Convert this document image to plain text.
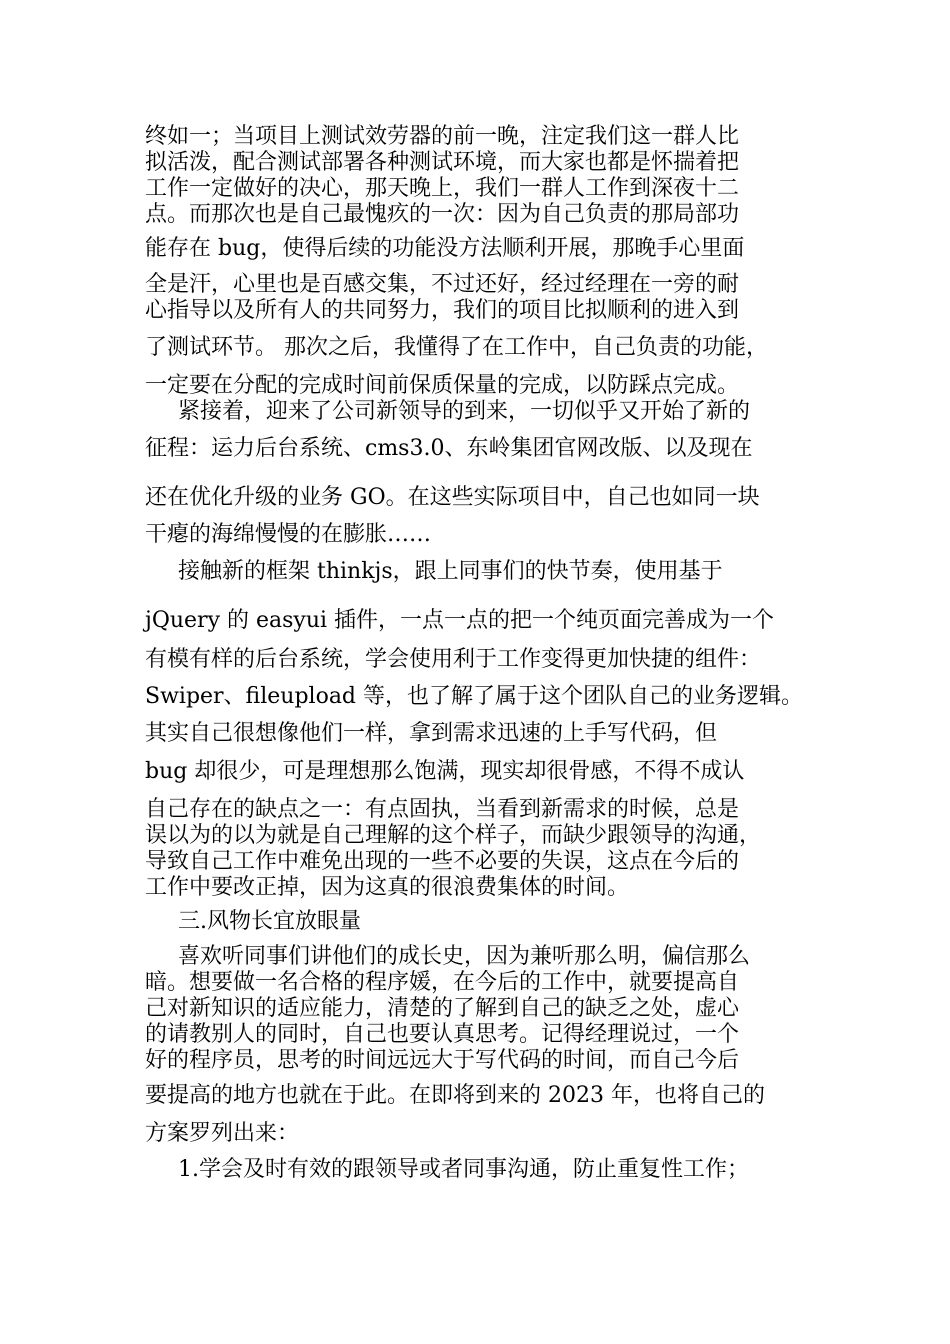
终如一；当项目上测试效劳器的前一晚，注定我们这一群人比
拟活泼，配合测试部署各种测试环境，而大家也都是怀揣着把
工作一定做好的决心，那天晚上，我们一群人工作到深夜十二
点。而那次也是自己最愧疚的一次：因为自己负责的那局部功
能存在 bug，使得后续的功能没方法顺利开展，那晚手心里面
全是汗，心里也是百感交集，不过还好，经过经理在一旁的耐
心指导以及所有人的共同努力，我们的项目比拟顺利的进入到
了测试环节。 那次之后，我懂得了在工作中，自己负责的功能，
一定要在分配的完成时间前保质保量的完成，以防踩点完成。
紧接着，迎来了公司新领导的到来，一切似乎又开始了新的
征程：运力后台系统、cms3.0、东岭集团官网改版、以及现在
还在优化升级的业务 GO。在这些实际项目中，自己也如同一块
干瘪的海绵慢慢的在膨胀……
接触新的框架 thinkjs，跟上同事们的快节奏，使用基于
jQuery 的 easyui 插件，一点一点的把一个纯页面完善成为一个
有模有样的后台系统，学会使用利于工作变得更加快捷的组件：
Swiper、fileupload 等，也了解了属于这个团队自己的业务逻辑。
其实自己很想像他们一样，拿到需求迅速的上手写代码，但
bug 却很少，可是理想那么饱满，现实却很骨感，不得不成认
自己存在的缺点之一：有点固执，当看到新需求的时候，总是
误以为的以为就是自己理解的这个样子，而缺少跟领导的沟通，
导致自己工作中难免出现的一些不必要的失误，这点在今后的
工作中要改正掉，因为这真的很浪费集体的时间。
三.风物长宜放眼量
喜欢听同事们讲他们的成长史，因为兼听那么明，偏信那么
暗。想要做一名合格的程序媛，在今后的工作中，就要提高自
己对新知识的适应能力，清楚的了解到自己的缺乏之处，虚心
的请教别人的同时，自己也要认真思考。记得经理说过，一个
好的程序员，思考的时间远远大于写代码的时间，而自己今后
要提高的地方也就在于此。在即将到来的 2023 年，也将自己的
方案罗列出来：
1.学会及时有效的跟领导或者同事沟通，防止重复性工作；
